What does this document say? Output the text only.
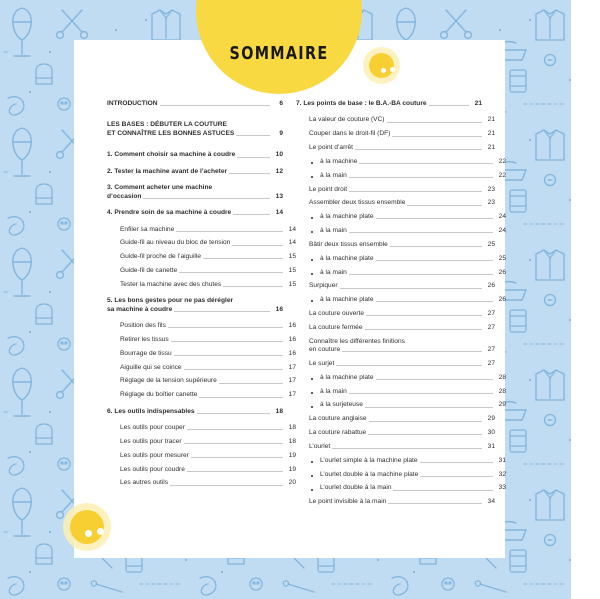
SOMMAIRE
INTRODUCTION	6
LES BASES : DÉBUTER LA COUTURE
ET CONNAÎTRE LES BONNES ASTUCES	9
1. Comment choisir sa machine à coudre	10
2. Tester la machine avant de l’acheter	12
3. Comment acheter une machine
d’occasion	13
4. Prendre soin de sa machine à coudre	14
Enfiler sa machine	14
Guide-fil au niveau du bloc de tension	14
Guide-fil proche de l’aiguille	15
Guide-fil de canette	15
Tester la machine avec des chutes	15
5. Les bons gestes pour ne pas dérégler
sa machine à coudre	16
Position des fils	16
Retirer les tissus	16
Bourrage de tissu	16
Aiguille qui se coince	17
Réglage de la tension supérieure	17
Réglage du boîtier canette	17
6. Les outils indispensables	18
Les outils pour couper	18
Les outils pour tracer	18
Les outils pour mesurer	19
Les outils pour coudre	19
Les autres outils	20
7. Les points de base : le B.A.-BA couture	21
La valeur de couture (VC)	21
Couper dans le droit-fil (DF)	21
Le point d’arrêt	21
à la machine	22
à la main	22
Le point droit	23
Assembler deux tissus ensemble	23
à la machine plate	24
à la main	24
Bâtir deux tissus ensemble	25
à la machine plate	25
à la main	26
Surpiquer	26
à la machine plate	26
La couture ouverte	27
La couture fermée	27
Connaître les différentes finitions
en couture	27
Le surjet	27
à la machine plate	28
à la main	28
à la surjeteuse	29
La couture anglaise	29
La couture rabattue	30
L’ourlet	31
L’ourlet simple à la machine plate	31
L’ourlet double à la machine plate	32
L’ourlet double à la main	33
Le point invisible à la main	34
